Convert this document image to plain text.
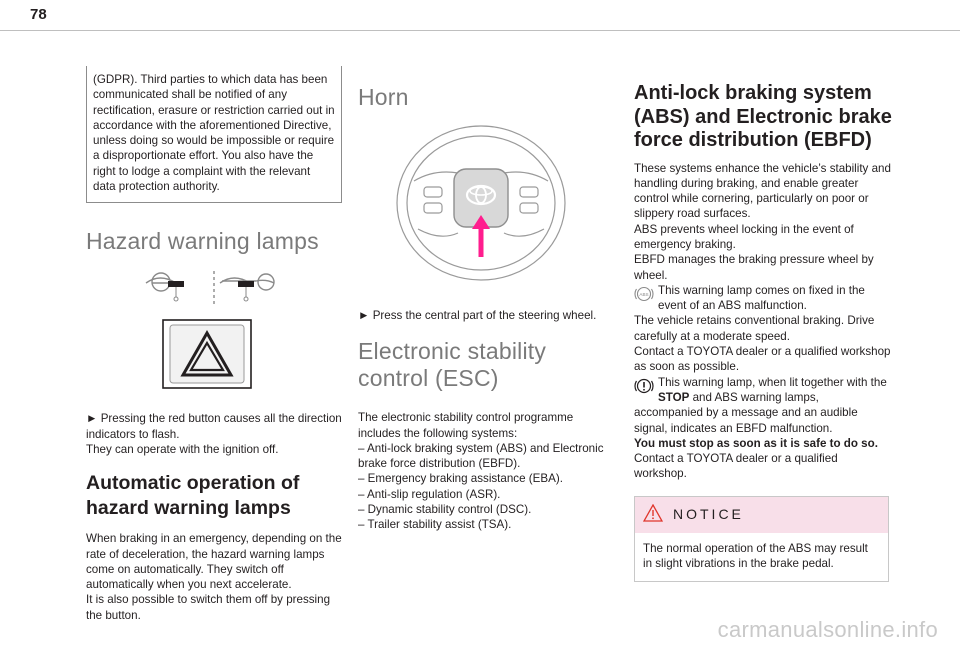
78

(GDPR). Third parties to which data has been communicated shall be notified of any rectification, erasure or restriction carried out in accordance with the aforementioned Directive, unless doing so would be impossible or require a disproportionate effort. You also have the right to lodge a complaint with the relevant data protection authority.

Hazard warning lamps

► Pressing the red button causes all the direction indicators to flash.

They can operate with the ignition off.

Automatic operation of hazard warning lamps

When braking in an emergency, depending on the rate of deceleration, the hazard warning lamps come on automatically. They switch off automatically when you next accelerate.

It is also possible to switch them off by pressing the button.

Horn

► Press the central part of the steering wheel.

Electronic stability control (ESC)

The electronic stability control programme includes the following systems:

– Anti-lock braking system (ABS) and Electronic brake force distribution (EBFD).

– Emergency braking assistance (EBA).

– Anti-slip regulation (ASR).

– Dynamic stability control (DSC).

– Trailer stability assist (TSA).

Anti-lock braking system (ABS) and Electronic brake force distribution (EBFD)

These systems enhance the vehicle’s stability and handling during braking, and enable greater control while cornering, particularly on poor or slippery road surfaces.

ABS prevents wheel locking in the event of emergency braking.

EBFD manages the braking pressure wheel by wheel.

ABS This warning lamp comes on fixed in the event of an ABS malfunction.

The vehicle retains conventional braking. Drive carefully at a moderate speed.

Contact a TOYOTA dealer or a qualified workshop as soon as possible.

This warning lamp, when lit together with the STOP and ABS warning lamps,

accompanied by a message and an audible signal, indicates an EBFD malfunction.

You must stop as soon as it is safe to do so.

Contact a TOYOTA dealer or a qualified workshop.

NOTICE

The normal operation of the ABS may result in slight vibrations in the brake pedal.

carmanualsonline.info
